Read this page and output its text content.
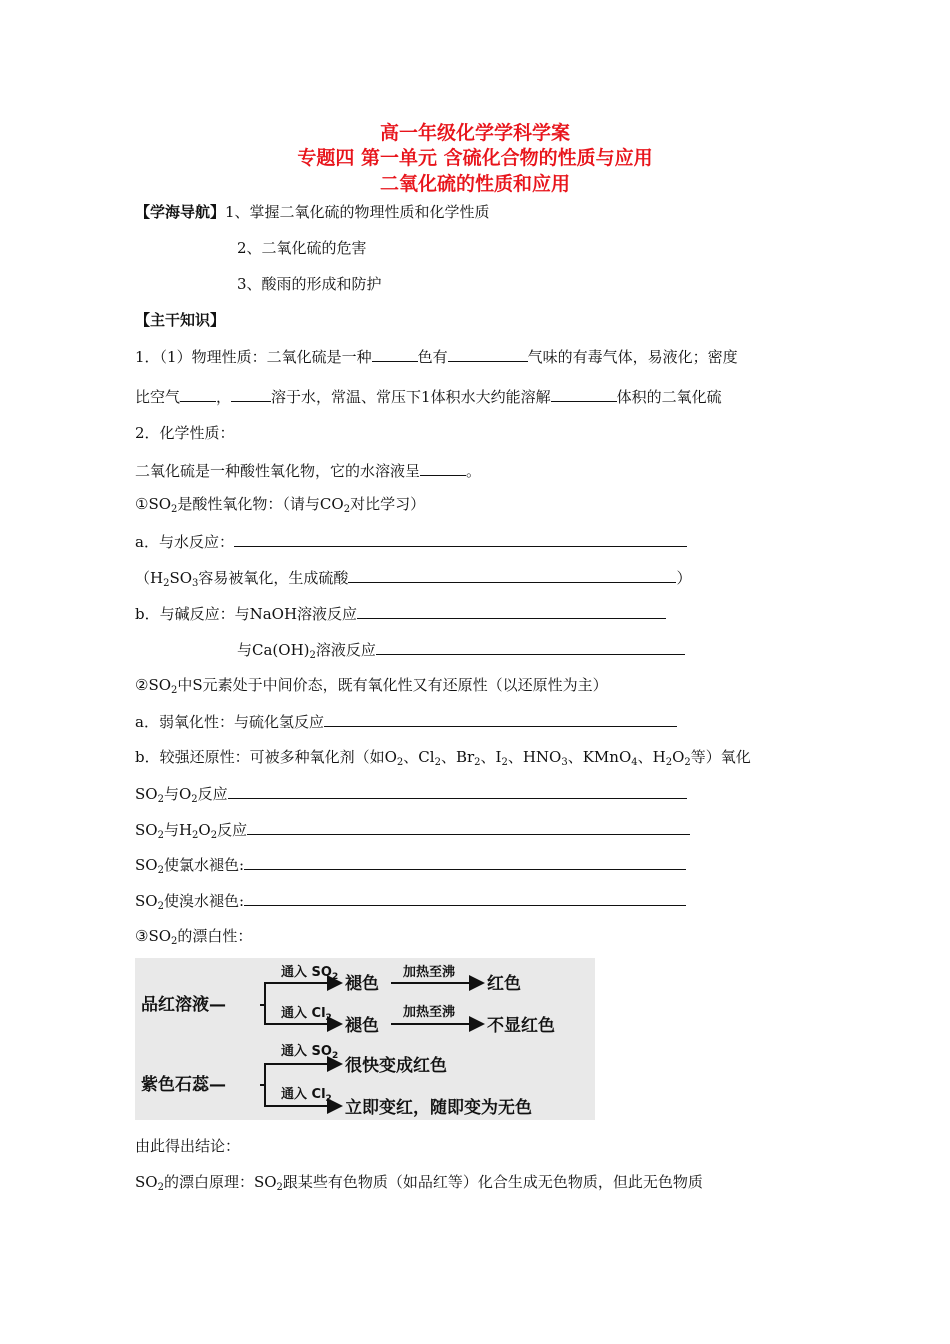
高一年级化学学科学案
专题四 第一单元 含硫化合物的性质与应用
二氧化硫的性质和应用
【学海导航】1、掌握二氧化硫的物理性质和化学性质
2、二氧化硫的危害
3、酸雨的形成和防护
【主干知识】
1．（1）物理性质：二氧化硫是一种	色有	气味的有毒气体，易液化；密度
比空气 ，	溶于水，常温、常压下1体积水大约能溶解	体积的二氧化硫
2．化学性质：
二氧化硫是一种酸性氧化物，它的水溶液呈	。
$①SO_2$是酸性氧化物：（请与$CO_2$对比学习）
a．与水反应：
（$H_2SO_3$容易被氧化，生成硫酸	）
b．与碱反应：与NaOH溶液反应
与$Ca(OH)_2$溶液反应
$②SO_2$中S元素处于中间价态，既有氧化性又有还原性（以还原性为主）
a．弱氧化性：与硫化氢反应
b．较强还原性：可被多种氧化剂（如$O_2$、$Cl_2$、$Br_2$、$I_2$、$HNO_3$、KMnO$_4$、$H_2O_2$等）氧化
$SO_2$与$O_2$反应
$SO_2$与$H_2O_2$反应
$SO_2$使氯水褪色:
$SO_2$使溴水褪色:
$③SO_2$的漂白性：
品红溶液—
通入 $SO_2$
通入 $Cl_2$
褪色
褪色
加热至沸
加热至沸
红色
不显红色
紫色石蕊—
通入 $SO_2$
通入 $Cl_2$
很快变成红色
立即变红，随即变为无色
由此得出结论：
$SO_2$的漂白原理：$SO_2$跟某些有色物质（如品红等）化合生成无色物质，但此无色物质
